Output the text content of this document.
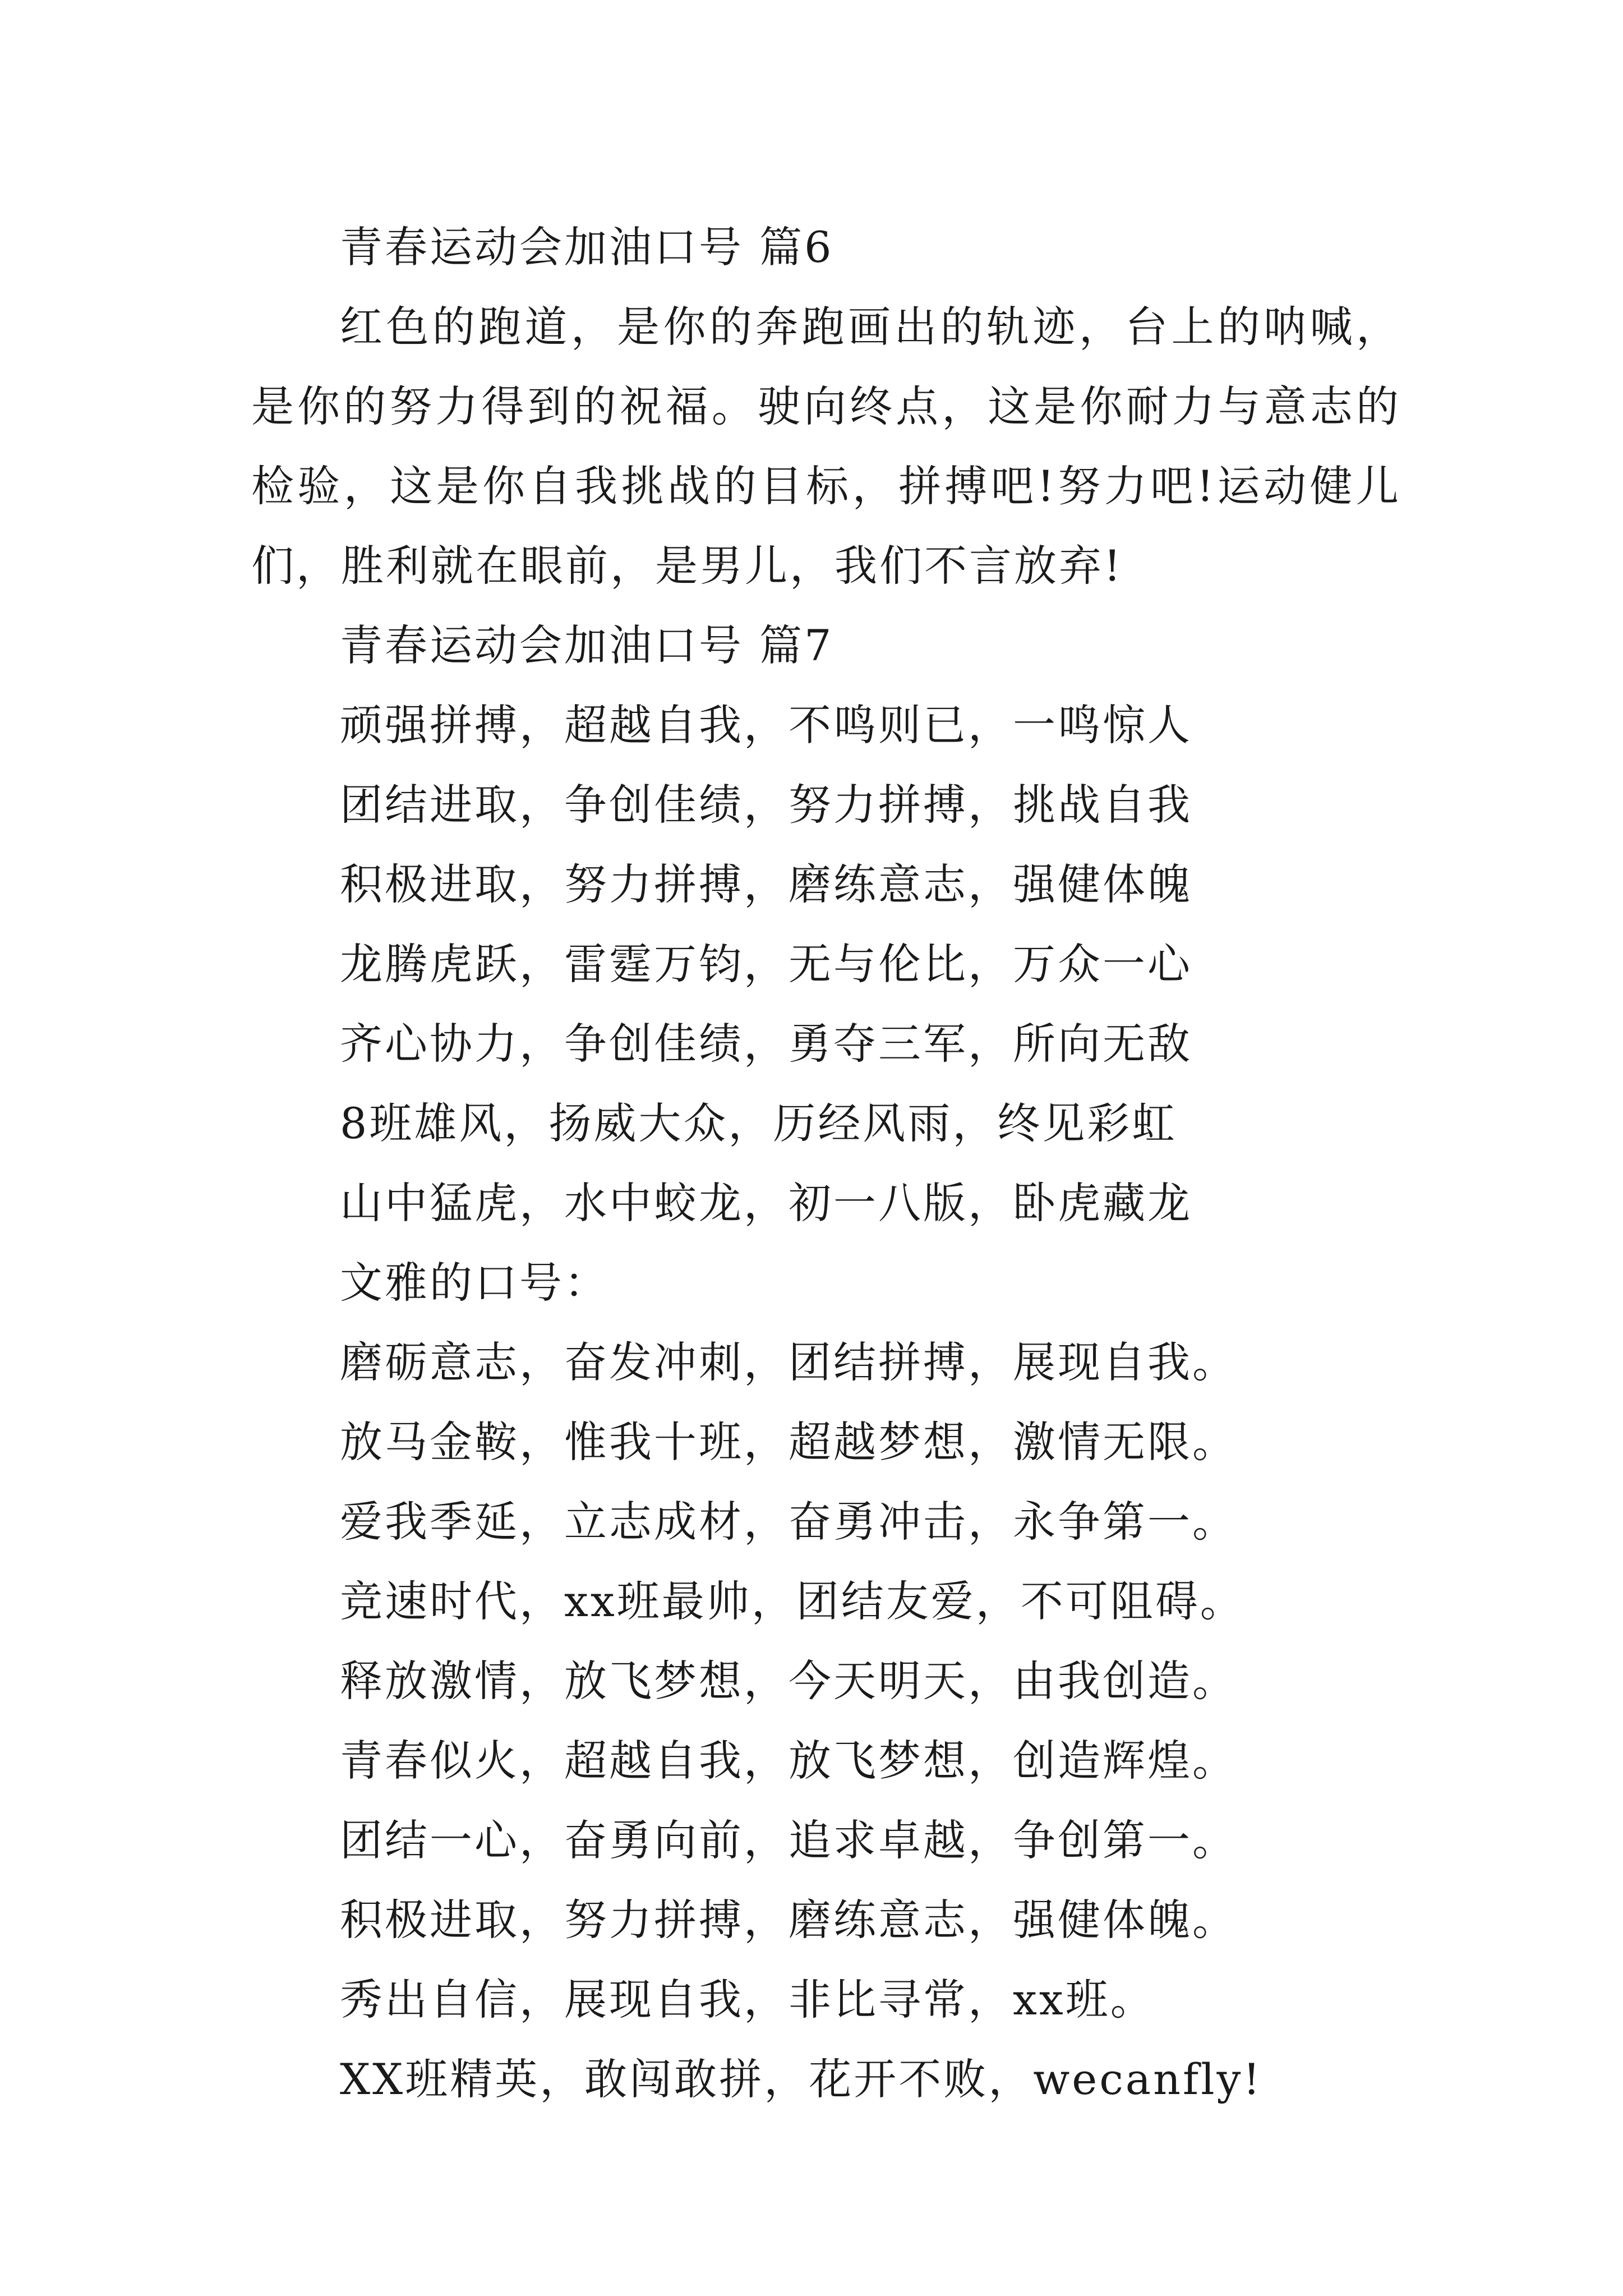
青春运动会加油口号 篇6

红色的跑道，是你的奔跑画出的轨迹，台上的呐喊，是你的努力得到的祝福。驶向终点，这是你耐力与意志的检验，这是你自我挑战的目标，拼搏吧!努力吧!运动健儿们，胜利就在眼前，是男儿，我们不言放弃!

青春运动会加油口号 篇7
顽强拼搏，超越自我，不鸣则已，一鸣惊人
团结进取，争创佳绩，努力拼搏，挑战自我
积极进取，努力拼搏，磨练意志，强健体魄
龙腾虎跃，雷霆万钧，无与伦比，万众一心
齐心协力，争创佳绩，勇夺三军，所向无敌
8班雄风，扬威大众，历经风雨，终见彩虹
山中猛虎，水中蛟龙，初一八版，卧虎藏龙
文雅的口号：
磨砺意志，奋发冲刺，团结拼搏，展现自我。
放马金鞍，惟我十班，超越梦想，激情无限。
爱我季延，立志成材，奋勇冲击，永争第一。
竞速时代，xx班最帅，团结友爱，不可阻碍。
释放激情，放飞梦想，今天明天，由我创造。
青春似火，超越自我，放飞梦想，创造辉煌。
团结一心，奋勇向前，追求卓越，争创第一。
积极进取，努力拼搏，磨练意志，强健体魄。
秀出自信，展现自我，非比寻常，xx班。
XX班精英，敢闯敢拼，花开不败，wecanfly!
